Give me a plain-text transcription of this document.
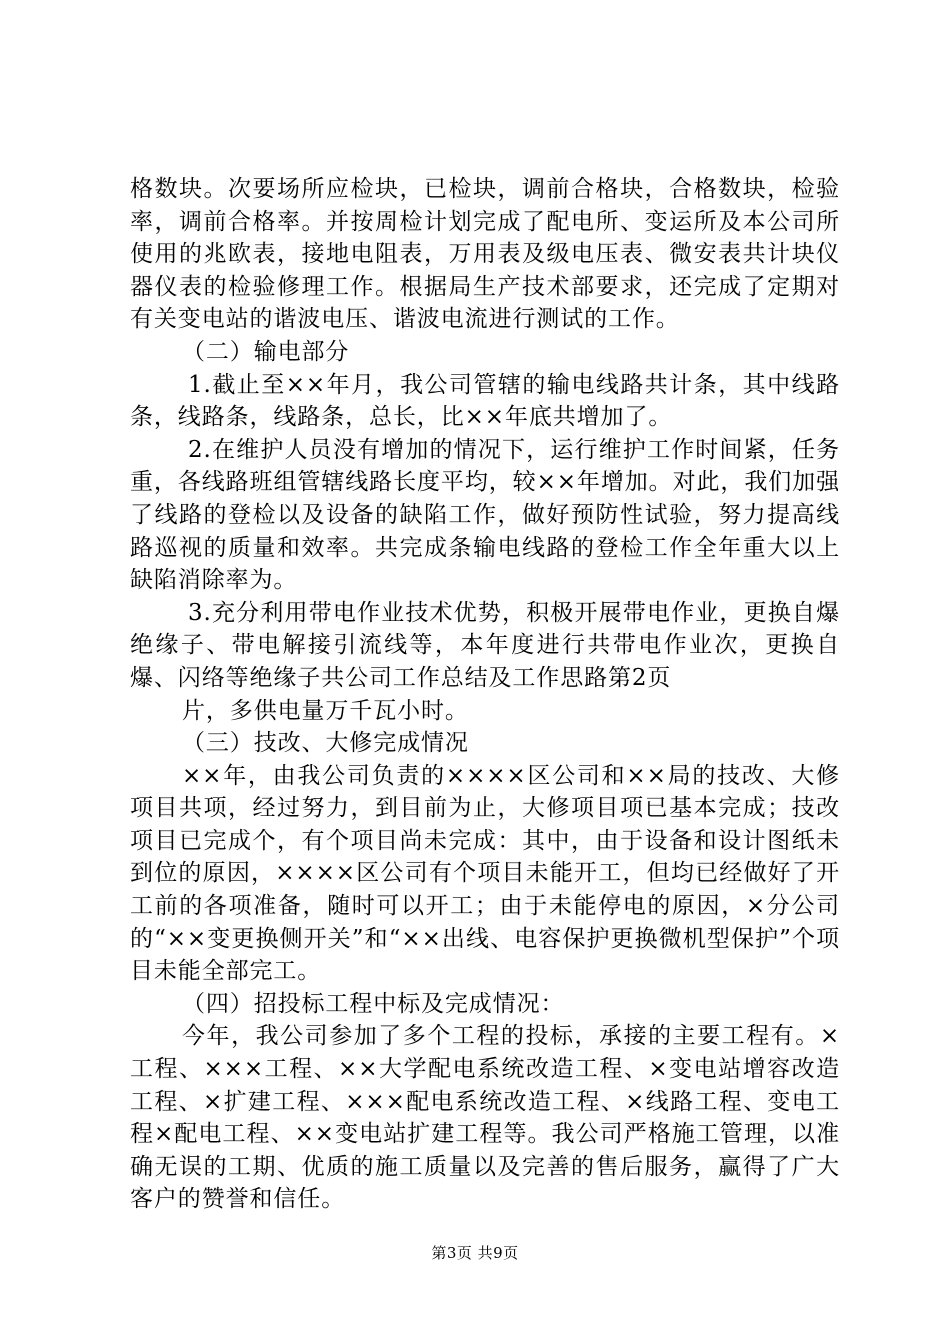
格数块。次要场所应检块，已检块，调前合格块，合格数块，检验率，调前合格率。并按周检计划完成了配电所、变运所及本公司所使用的兆欧表，接地电阻表，万用表及级电压表、微安表共计块仪器仪表的检验修理工作。根据局生产技术部要求，还完成了定期对有关变电站的谐波电压、谐波电流进行测试的工作。

（二）输电部分

1.截止至××年月，我公司管辖的输电线路共计条，其中线路条，线路条，线路条，总长，比××年底共增加了。

2.在维护人员没有增加的情况下，运行维护工作时间紧，任务重，各线路班组管辖线路长度平均，较××年增加。对此，我们加强了线路的登检以及设备的缺陷工作，做好预防性试验，努力提高线路巡视的质量和效率。共完成条输电线路的登检工作全年重大以上缺陷消除率为。

3.充分利用带电作业技术优势，积极开展带电作业，更换自爆绝缘子、带电解接引流线等，本年度进行共带电作业次，更换自爆、闪络等绝缘子共公司工作总结及工作思路第2页

片，多供电量万千瓦小时。

（三）技改、大修完成情况

××年，由我公司负责的××××区公司和××局的技改、大修项目共项，经过努力，到目前为止，大修项目项已基本完成；技改项目已完成个，有个项目尚未完成：其中，由于设备和设计图纸未到位的原因，××××区公司有个项目未能开工，但均已经做好了开工前的各项准备，随时可以开工；由于未能停电的原因，×分公司的“××变更换侧开关”和“××出线、电容保护更换微机型保护”个项目未能全部完工。

（四）招投标工程中标及完成情况：

今年，我公司参加了多个工程的投标，承接的主要工程有。×工程、×××工程、××大学配电系统改造工程、×变电站增容改造工程、×扩建工程、×××配电系统改造工程、×线路工程、变电工程×配电工程、××变电站扩建工程等。我公司严格施工管理，以准确无误的工期、优质的施工质量以及完善的售后服务，赢得了广大客户的赞誉和信任。

第3页 共9页
